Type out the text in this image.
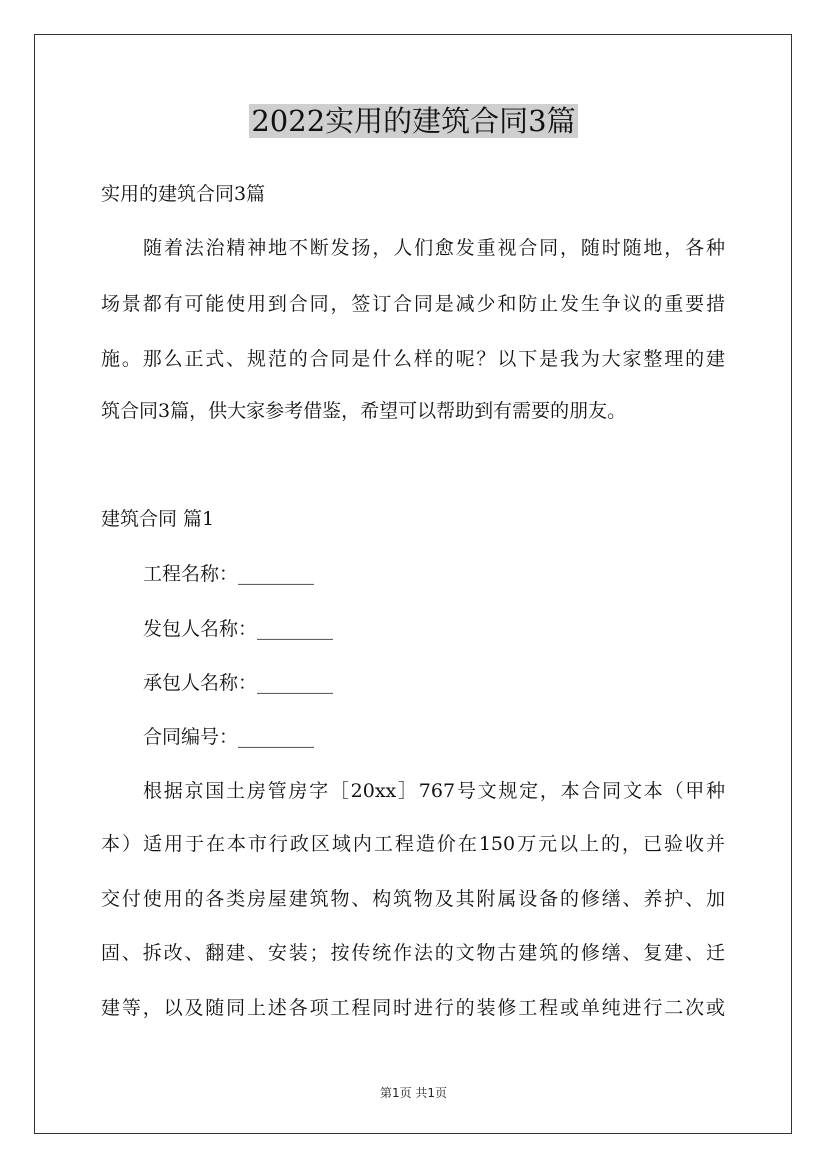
2022实用的建筑合同3篇
实用的建筑合同3篇
随着法治精神地不断发扬，人们愈发重视合同，随时随地，各种
场景都有可能使用到合同，签订合同是减少和防止发生争议的重要措
施。那么正式、规范的合同是什么样的呢？以下是我为大家整理的建
筑合同3篇，供大家参考借鉴，希望可以帮助到有需要的朋友。
建筑合同 篇1
工程名称：________
发包人名称：________
承包人名称：________
合同编号：________
根据京国土房管房字［20xx］767号文规定，本合同文本（甲种
本）适用于在本市行政区域内工程造价在150万元以上的，已验收并
交付使用的各类房屋建筑物、构筑物及其附属设备的修缮、养护、加
固、拆改、翻建、安装；按传统作法的文物古建筑的修缮、复建、迁
建等，以及随同上述各项工程同时进行的装修工程或单纯进行二次或
第1页 共1页
